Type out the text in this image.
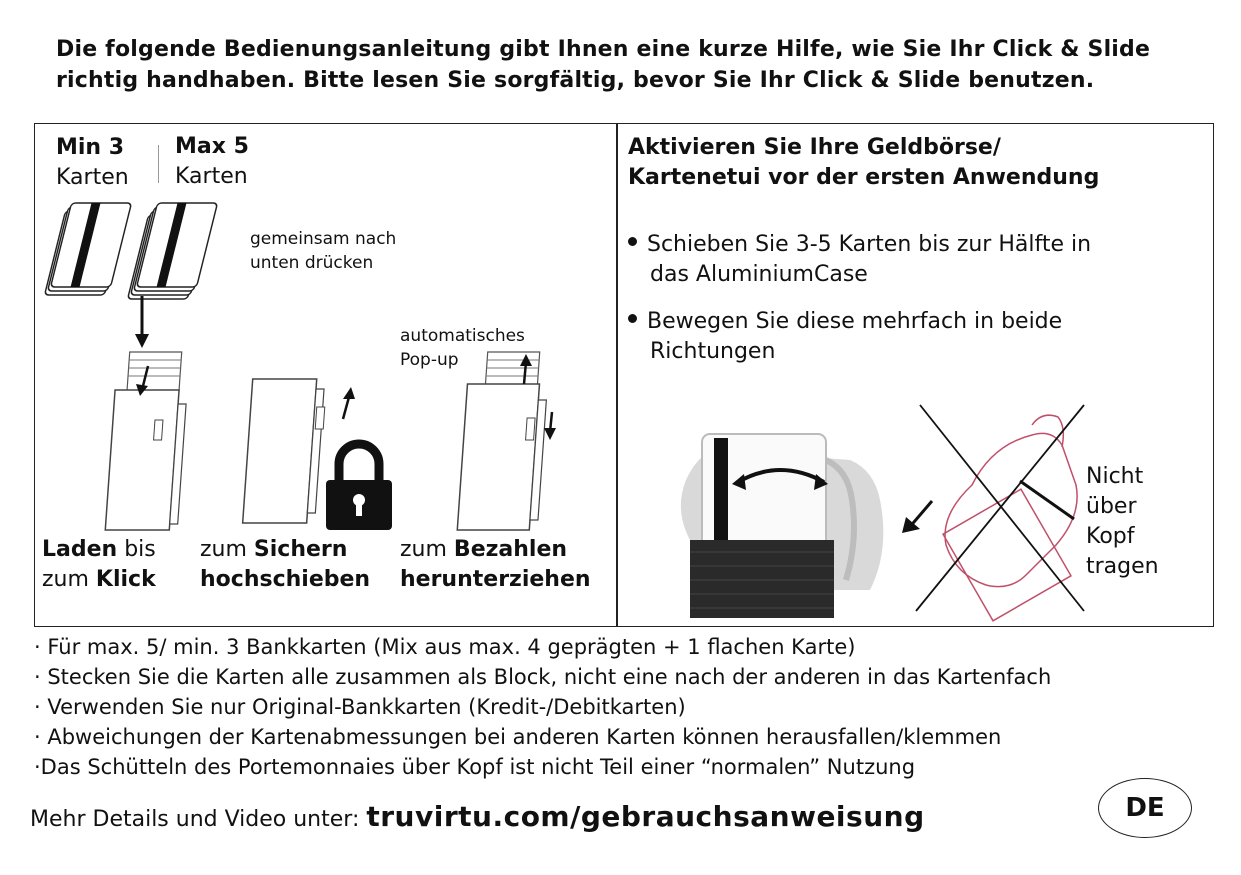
Die folgende Bedienungsanleitung gibt Ihnen eine kurze Hilfe, wie Sie Ihr Click & Slide
richtig handhaben. Bitte lesen Sie sorgfältig, bevor Sie Ihr Click & Slide benutzen.
Min 3
Karten
Max 5
Karten
gemeinsam nach
unten drücken
automatisches
Pop-up
Laden bis
zum Klick
zum Sichern
hochschieben
zum Bezahlen
herunterziehen
Aktivieren Sie Ihre Geldbörse/
Kartenetui vor der ersten Anwendung
Schieben Sie 3-5 Karten bis zur Hälfte in
das AluminiumCase
Bewegen Sie diese mehrfach in beide
Richtungen
Nicht
über
Kopf
tragen
· Für max. 5/ min. 3 Bankkarten (Mix aus max. 4 geprägten + 1 flachen Karte)
· Stecken Sie die Karten alle zusammen als Block, nicht eine nach der anderen in das Kartenfach
· Verwenden Sie nur Original-Bankkarten (Kredit-/Debitkarten)
· Abweichungen der Kartenabmessungen bei anderen Karten können herausfallen/klemmen
·Das Schütteln des Portemonnaies über Kopf ist nicht Teil einer “normalen” Nutzung
Mehr Details und Video unter: truvirtu.com/gebrauchsanweisung	DE
